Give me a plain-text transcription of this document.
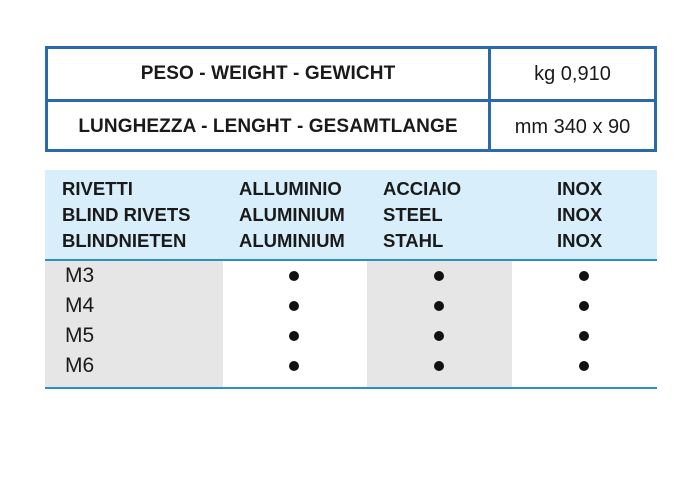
PESO - WEIGHT - GEWICHT	kg 0,910
LUNGHEZZA - LENGHT - GESAMTLANGE	mm 340 x 90
RIVETTI
BLIND RIVETS
BLINDNIETEN
ALLUMINIO
ALUMINIUM
ALUMINIUM
ACCIAIO
STEEL
STAHL
INOX
INOX
INOX
M3
M4
M5
M6
